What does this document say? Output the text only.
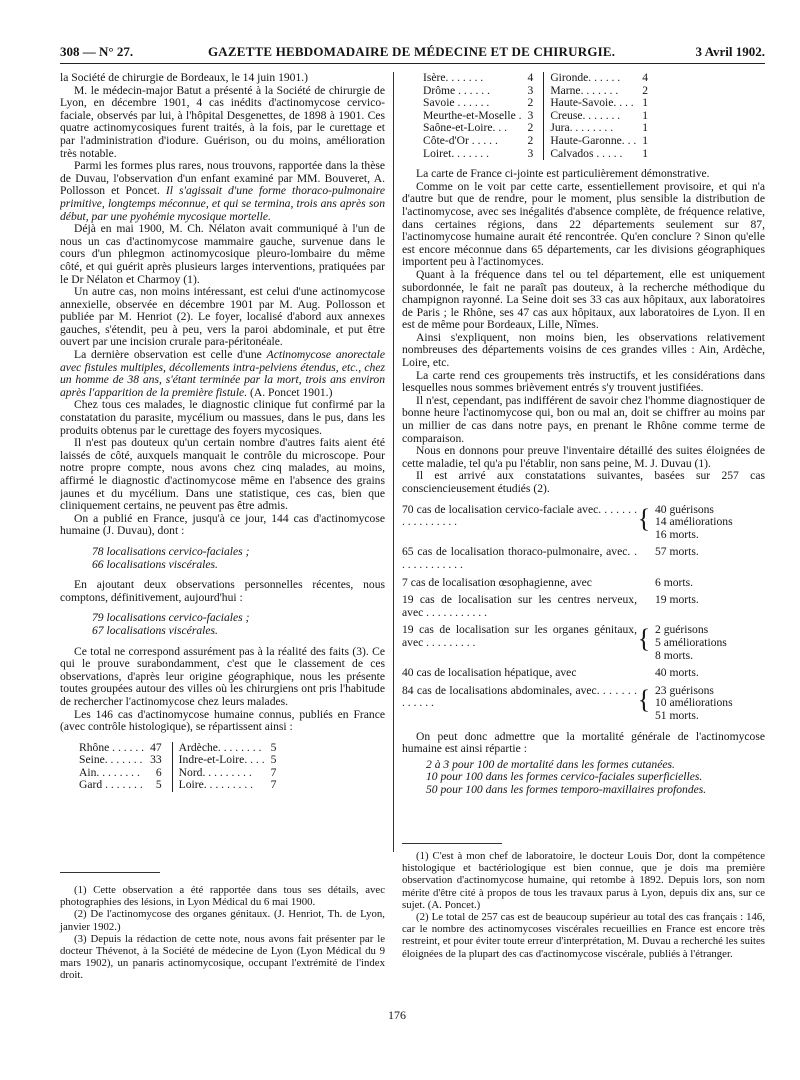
308 — N° 27.	GAZETTE HEBDOMADAIRE DE MÉDECINE ET DE CHIRURGIE.	3 Avril 1902.

la Société de chirurgie de Bordeaux, le 14 juin 1901.)

M. le médecin-major Batut a présenté à la Société de chirurgie de Lyon, en décembre 1901, 4 cas inédits d'actinomycose cervico-faciale, observés par lui, à l'hôpital Desgenettes, de 1898 à 1901. Ces quatre actinomycosiques furent traités, à la fois, par le curettage et par l'administration d'iodure. Guérison, ou du moins, amélioration très notable.

Parmi les formes plus rares, nous trouvons, rapportée dans la thèse de Duvau, l'observation d'un enfant examiné par MM. Bouveret, A. Pollosson et Poncet. Il s'agissait d'une forme thoraco-pulmonaire primitive, longtemps méconnue, et qui se termina, trois ans après son début, par une pyohémie mycosique mortelle.

Déjà en mai 1900, M. Ch. Nélaton avait communiqué à l'un de nous un cas d'actinomycose mammaire gauche, survenue dans le cours d'un phlegmon actinomycosique pleuro-lombaire du même côté, et qui guérit après plusieurs larges interventions, pratiquées par le Dr Nélaton et Charmoy (1).

Un autre cas, non moins intéressant, est celui d'une actinomycose annexielle, observée en décembre 1901 par M. Aug. Pollosson et publiée par M. Henriot (2). Le foyer, localisé d'abord aux annexes gauches, s'étendit, peu à peu, vers la paroi abdominale, et put être ouvert par une incision crurale para-péritonéale.

La dernière observation est celle d'une Actinomycose anorectale avec fistules multiples, décollements intra-pelviens étendus, etc., chez un homme de 38 ans, s'étant terminée par la mort, trois ans environ après l'apparition de la première fistule. (A. Poncet 1901.)

Chez tous ces malades, le diagnostic clinique fut confirmé par la constatation du parasite, mycélium ou massues, dans le pus, dans les produits obtenus par le curettage des foyers mycosiques.

Il n'est pas douteux qu'un certain nombre d'autres faits aient été laissés de côté, auxquels manquait le contrôle du microscope. Pour notre propre compte, nous avons chez cinq malades, au moins, affirmé le diagnostic d'actinomycose même en l'absence des grains jaunes et du mycélium. Dans une statistique, ces cas, bien que cliniquement certains, ne peuvent pas être admis.

On a publié en France, jusqu'à ce jour, 144 cas d'actinomycose humaine (J. Duvau), dont :

78 localisations cervico-faciales ;
66 localisations viscérales.

En ajoutant deux observations personnelles récentes, nous comptons, définitivement, aujourd'hui :

79 localisations cervico-faciales ;
67 localisations viscérales.

Ce total ne correspond assurément pas à la réalité des faits (3). Ce qui le prouve surabondamment, c'est que le classement de ces observations, d'après leur origine géographique, nous les présente toutes groupées autour des villes où les chirurgiens ont pris l'habitude de rechercher l'actinomycose chez leurs malades.

Les 146 cas d'actinomycose humaine connus, publiés en France (avec contrôle histologique), se répartissent ainsi :

Rhône . . . . . .	47	Ardèche. . . . . . . .	5
Seine. . . . . . .	33	Indre-et-Loire. . . .	5
Ain. . . . . . . .	6	Nord. . . . . . . . .	7
Gard . . . . . . .	5	Loire. . . . . . . . .	7

(1) Cette observation a été rapportée dans tous ses détails, avec photographies des lésions, in Lyon Médical du 6 mai 1900.

(2) De l'actinomycose des organes génitaux. (J. Henriot, Th. de Lyon, janvier 1902.)

(3) Depuis la rédaction de cette note, nous avons fait présenter par le docteur Thévenot, à la Société de médecine de Lyon (Lyon Médical du 9 mars 1902), un panaris actinomycosique, occupant l'extrémité de l'index droit.

Isère. . . . . . .	4	Gironde. . . . . .	4
Drôme . . . . . .	3	Marne. . . . . . .	2
Savoie . . . . . .	2	Haute-Savoie. . . .	1
Meurthe-et-Moselle .	3	Creuse. . . . . . .	1
Saône-et-Loire. . .	2	Jura. . . . . . . .	1
Côte-d'Or . . . . .	2	Haute-Garonne. . .	1
Loiret. . . . . . .	3	Calvados . . . . .	1

La carte de France ci-jointe est particulièrement démonstrative.

Comme on le voit par cette carte, essentiellement provisoire, et qui n'a d'autre but que de rendre, pour le moment, plus sensible la distribution de l'actinomycose, avec ses inégalités d'absence complète, de fréquence relative, dans certaines régions, dans 22 départements seulement sur 87, l'actinomycose humaine aurait été rencontrée. Qu'en conclure ? Sinon qu'elle est encore méconnue dans 65 départements, car les divisions géographiques importent peu à l'actinomyces.

Quant à la fréquence dans tel ou tel département, elle est uniquement subordonnée, le fait ne paraît pas douteux, à la recherche méthodique du champignon rayonné. La Seine doit ses 33 cas aux hôpitaux, aux laboratoires de Paris ; le Rhône, ses 47 cas aux hôpitaux, aux laboratoires de Lyon. Il en est de même pour Bordeaux, Lille, Nîmes.

Ainsi s'expliquent, non moins bien, les observations relativement nombreuses des départements voisins de ces grandes villes : Ain, Ardèche, Loire, etc.

La carte rend ces groupements très instructifs, et les considérations dans lesquelles nous sommes brièvement entrés s'y trouvent justifiées.

Il n'est, cependant, pas indifférent de savoir chez l'homme diagnostiquer de bonne heure l'actinomycose qui, bon ou mal an, doit se chiffrer au moins par un millier de cas dans notre pays, en prenant le Rhône comme terme de comparaison.

Nous en donnons pour preuve l'inventaire détaillé des suites éloignées de cette maladie, tel qu'a pu l'établir, non sans peine, M. J. Duvau (1).

Il est arrivé aux constatations suivantes, basées sur 257 cas consciencieusement étudiés (2).

70 cas de localisation cervico-faciale avec. . . . . . . . . . . . . . . . .	{ 40 guérisons
14 améliorations
16 morts.
65 cas de localisation thoraco-pulmonaire, avec. . . . . . . . . . . . .
57 morts.
7 cas de localisation œsophagienne, avec	6 morts.
19 cas de localisation sur les centres nerveux, avec . . . . . . . . . . .
19 morts.
19 cas de localisation sur les organes génitaux, avec . . . . . . . . .	{ 2 guérisons
5 améliorations
8 morts.
40 cas de localisation hépatique, avec	40 morts.
84 cas de localisations abdominales, avec. . . . . . . . . . . . .	{ 23 guérisons
10 améliorations
51 morts.

On peut donc admettre que la mortalité générale de l'actinomycose humaine est ainsi répartie :

2 à 3 pour 100 de mortalité dans les formes cutanées.
10 pour 100 dans les formes cervico-faciales superficielles.
50 pour 100 dans les formes temporo-maxillaires profondes.

(1) C'est à mon chef de laboratoire, le docteur Louis Dor, dont la compétence histologique et bactériologique est bien connue, que je dois ma première observation d'actinomycose humaine, qui retombe à 1892. Depuis lors, son nom mérite d'être cité à propos de tous les travaux parus à Lyon, depuis dix ans, sur ce sujet. (A. Poncet.)

(2) Le total de 257 cas est de beaucoup supérieur au total des cas français : 146, car le nombre des actinomycoses viscérales recueillies en France est encore très restreint, et pour éviter toute erreur d'interprétation, M. Duvau a recherché les suites éloignées de la plupart des cas d'actinomycose viscérale, publiés à l'étranger.

176
